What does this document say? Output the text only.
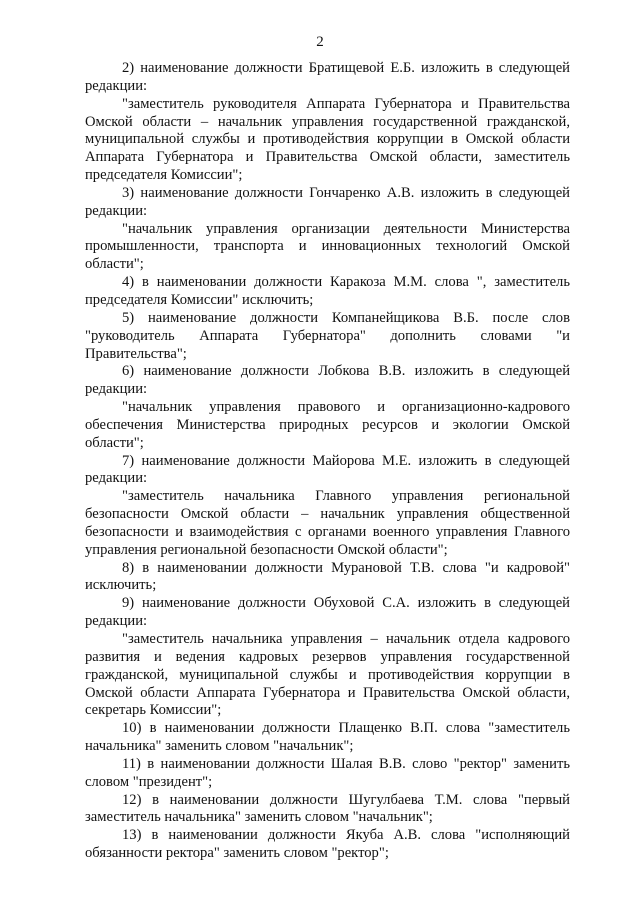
2

2) наименование должности Братищевой Е.Б. изложить в следующей редакции:

"заместитель руководителя Аппарата Губернатора и Правительства Омской области – начальник управления государственной гражданской, муниципальной службы и противодействия коррупции в Омской области Аппарата Губернатора и Правительства Омской области, заместитель председателя Комиссии";

3) наименование должности Гончаренко А.В. изложить в следующей редакции:

"начальник управления организации деятельности Министерства промышленности, транспорта и инновационных технологий Омской области";

4) в наименовании должности Каракоза М.М. слова ", заместитель председателя Комиссии" исключить;

5) наименование должности Компанейщикова В.Б. после слов "руководитель Аппарата Губернатора" дополнить словами "и Правительства";

6) наименование должности Лобкова В.В. изложить в следующей редакции:

"начальник управления правового и организационно-кадрового обеспечения Министерства природных ресурсов и экологии Омской области";

7) наименование должности Майорова М.Е. изложить в следующей редакции:

"заместитель начальника Главного управления региональной безопасности Омской области – начальник управления общественной безопасности и взаимодействия с органами военного управления Главного управления региональной безопасности Омской области";

8) в наименовании должности Мурановой Т.В. слова "и кадровой" исключить;

9) наименование должности Обуховой С.А. изложить в следующей редакции:

"заместитель начальника управления – начальник отдела кадрового развития и ведения кадровых резервов управления государственной гражданской, муниципальной службы и противодействия коррупции в Омской области Аппарата Губернатора и Правительства Омской области, секретарь Комиссии";

10) в наименовании должности Плащенко В.П. слова "заместитель начальника" заменить словом "начальник";

11) в наименовании должности Шалая В.В. слово "ректор" заменить словом "президент";

12) в наименовании должности Шугулбаева Т.М. слова "первый заместитель начальника" заменить словом "начальник";

13) в наименовании должности Якуба А.В. слова "исполняющий обязанности ректора" заменить словом "ректор";
